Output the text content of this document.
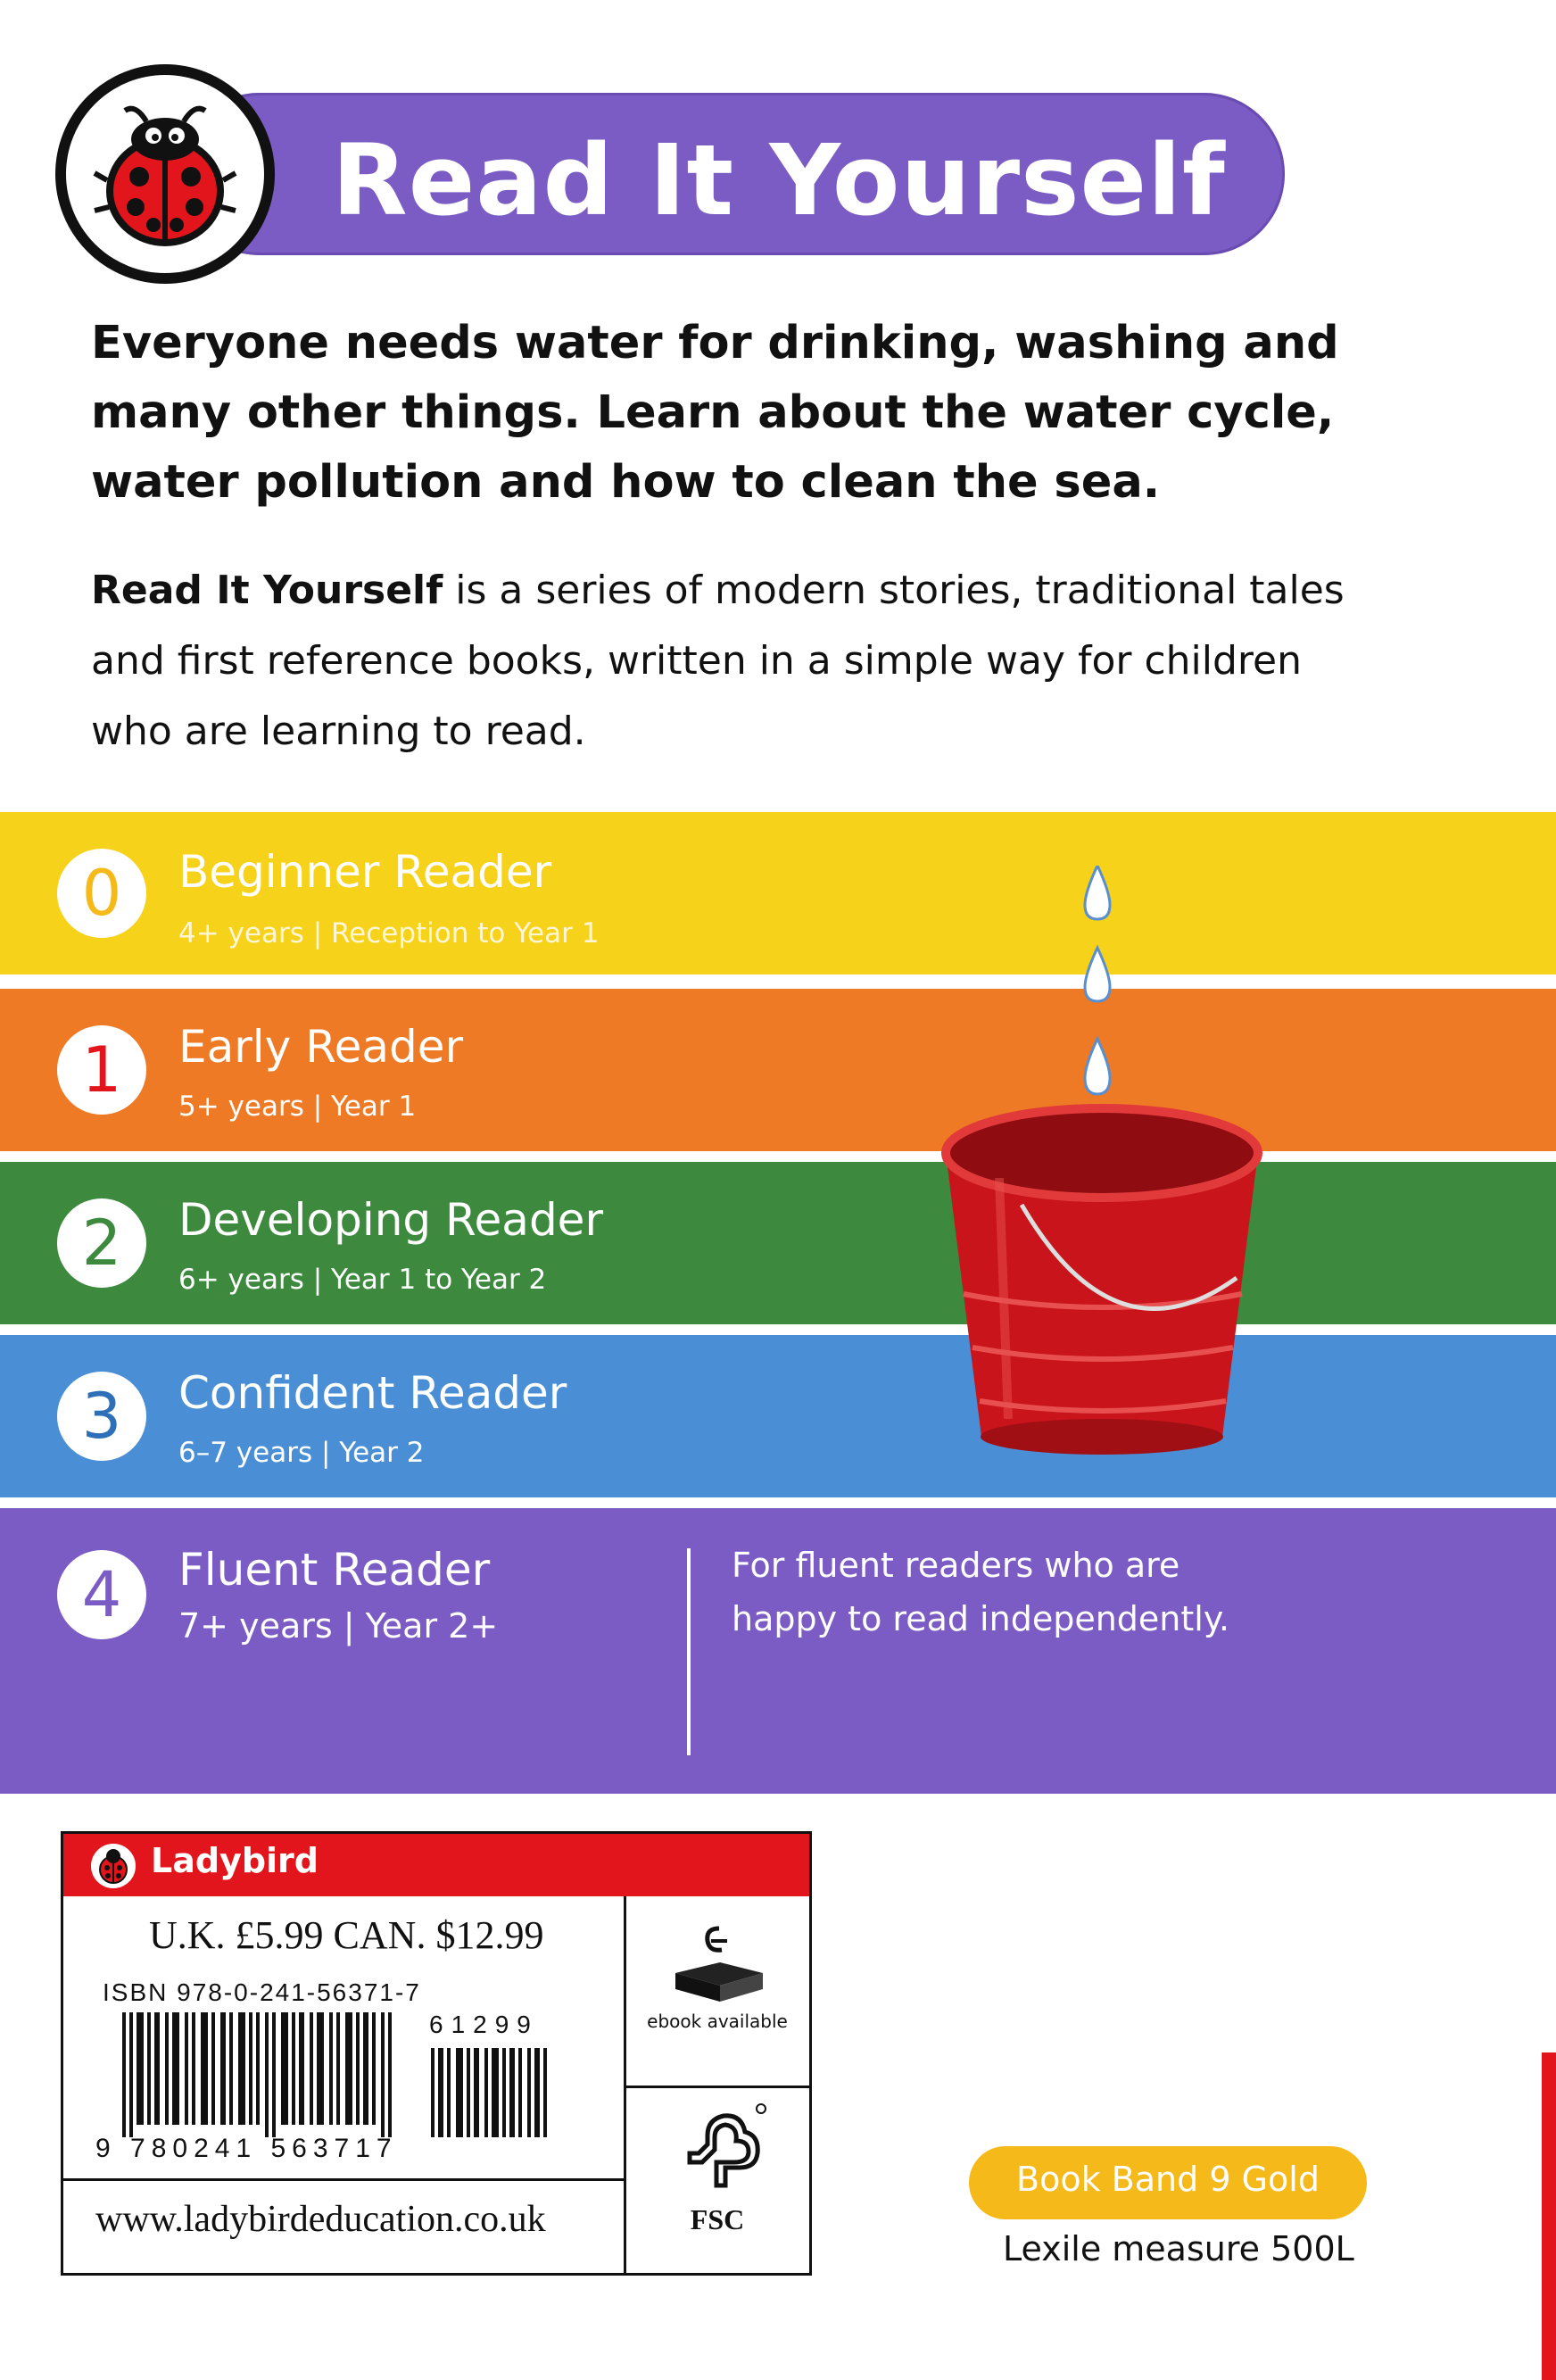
Read It Yourself
Everyone needs water for drinking, washing and many other things. Learn about the water cycle, water pollution and how to clean the sea.
Read It Yourself is a series of modern stories, traditional tales and first reference books, written in a simple way for children who are learning to read.
0	Beginner Reader
4+ years | Reception to Year 1
1	Early Reader
5+ years | Year 1
2	Developing Reader
6+ years | Year 1 to Year 2
3	Confident Reader
6–7 years | Year 2
4	Fluent Reader
7+ years | Year 2+
For fluent readers who are happy to read independently.
Ladybird
U.K. £5.99 CAN. $12.99
ISBN 978-0-241-56371-7
61299
9 780241 563717
ebook available
FSC
www.ladybirdeducation.co.uk
Book Band 9 Gold
Lexile measure 500L
